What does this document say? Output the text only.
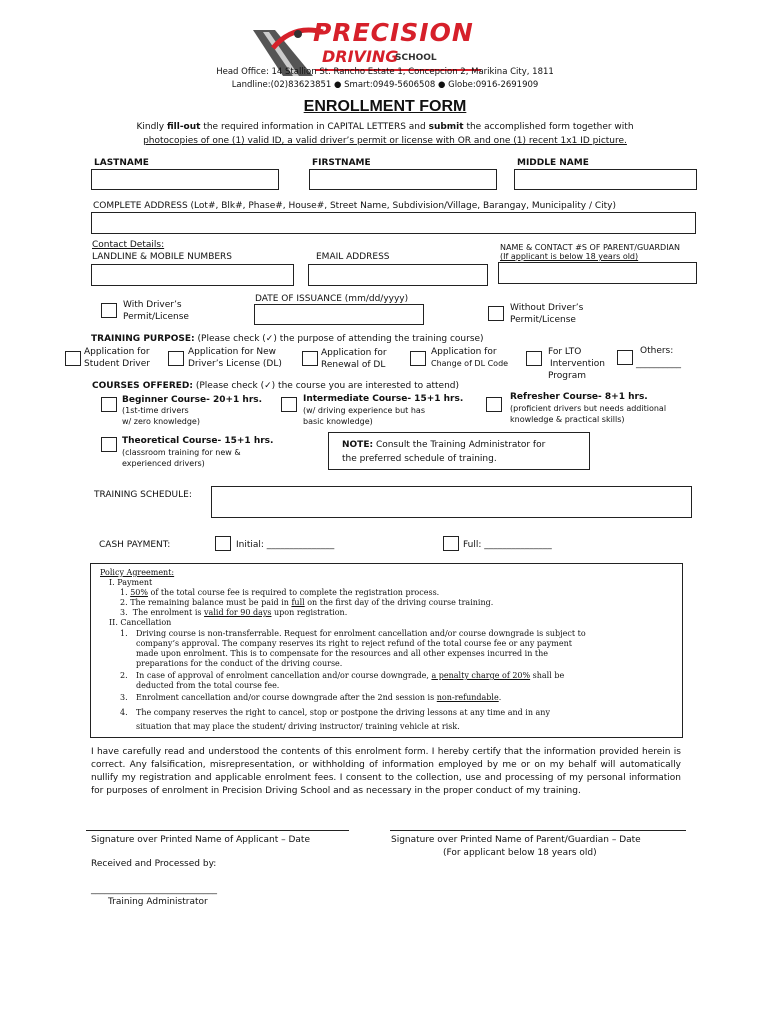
PRECISION
DRIVING
SCHOOL
Head Office: 14 Stallion St. Rancho Estate 1, Concepcion 2, Marikina City, 1811
Landline:(02)83623851 ● Smart:0949-5606508 ● Globe:0916-2691909
ENROLLMENT FORM
Kindly fill-out the required information in CAPITAL LETTERS and submit the accomplished form together with
photocopies of one (1) valid ID, a valid driver’s permit or license with OR and one (1) recent 1x1 ID picture.
LASTNAME	FIRSTNAME	MIDDLE NAME
COMPLETE ADDRESS (Lot#, Blk#, Phase#, House#, Street Name, Subdivision/Village, Barangay, Municipality / City)
Contact Details:
LANDLINE & MOBILE NUMBERS	EMAIL ADDRESS
NAME & CONTACT #S OF PARENT/GUARDIAN
(If applicant is below 18 years old)
DATE OF ISSUANCE (mm/dd/yyyy)
With Driver’s
Permit/License
Without Driver’s
Permit/License
TRAINING PURPOSE: (Please check (✓) the purpose of attending the training course)
Application for
Student Driver
Application for New
Driver’s License (DL)
Application for
Renewal of DL
Application for
Change of DL Code
For LTO
Intervention
Program
Others:
__________
COURSES OFFERED: (Please check (✓) the course you are interested to attend)
Beginner Course- 20+1 hrs.
(1st-time drivers
w/ zero knowledge)
Intermediate Course- 15+1 hrs.
(w/ driving experience but has
basic knowledge)
Refresher Course- 8+1 hrs.
(proficient drivers but needs additional
knowledge & practical skills)
Theoretical Course- 15+1 hrs.
(classroom training for new &
experienced drivers)
NOTE: Consult the Training Administrator for
the preferred schedule of training.
TRAINING SCHEDULE:
CASH PAYMENT:	Initial: _______________	Full: _______________
Policy Agreement:
I. Payment
1. 50% of the total course fee is required to complete the registration process.
2. The remaining balance must be paid in full on the first day of the driving course training.
3. The enrolment is valid for 90 days upon registration.
II. Cancellation
1. Driving course is non-transferrable. Request for enrolment cancellation and/or course downgrade is subject to
company’s approval. The company reserves its right to reject refund of the total course fee or any payment
made upon enrolment. This is to compensate for the resources and all other expenses incurred in the
preparations for the conduct of the driving course.
2. In case of approval of enrolment cancellation and/or course downgrade, a penalty charge of 20% shall be
deducted from the total course fee.
3. Enrolment cancellation and/or course downgrade after the 2nd session is non-refundable.
4. The company reserves the right to cancel, stop or postpone the driving lessons at any time and in any
situation that may place the student/ driving instructor/ training vehicle at risk.
I have carefully read and understood the contents of this enrolment form. I hereby certify that the information provided herein is correct. Any falsification, misrepresentation, or withholding of information employed by me or on my behalf will automatically nullify my registration and applicable enrolment fees. I consent to the collection, use and processing of my personal information for purposes of enrolment in Precision Driving School and as necessary in the proper conduct of my training.
Signature over Printed Name of Applicant – Date	Signature over Printed Name of Parent/Guardian – Date
(For applicant below 18 years old)
Received and Processed by:
____________________________
Training Administrator
